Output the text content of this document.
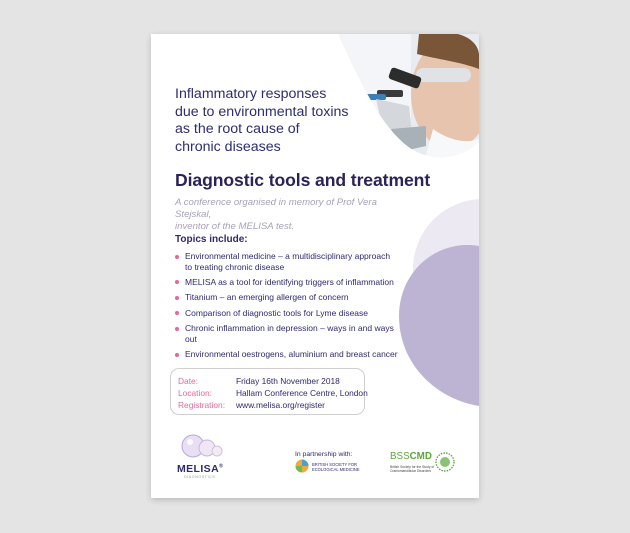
Inflammatory responses
due to environmental toxins
as the root cause of
chronic diseases
Diagnostic tools and treatment
A conference organised in memory of Prof Vera Stejskal,
inventor of the MELISA test.
Topics include:
Environmental medicine – a multidisciplinary approach
to treating chronic disease
MELISA as a tool for identifying triggers of inflammation
Titanium – an emerging allergen of concern
Comparison of diagnostic tools for Lyme disease
Chronic inflammation in depression – ways in and ways out
Environmental oestrogens, aluminium and breast cancer
Date:	Friday 16th November 2018
Location:	Hallam Conference Centre, London
Registration: www.melisa.org/register
MELISA®
DIAGNOSTICS
In partnership with:
BRITISH SOCIETY FOR
ECOLOGICAL MEDICINE
BSSCMD
British Society for the Study of Craniomandibular Disorders
